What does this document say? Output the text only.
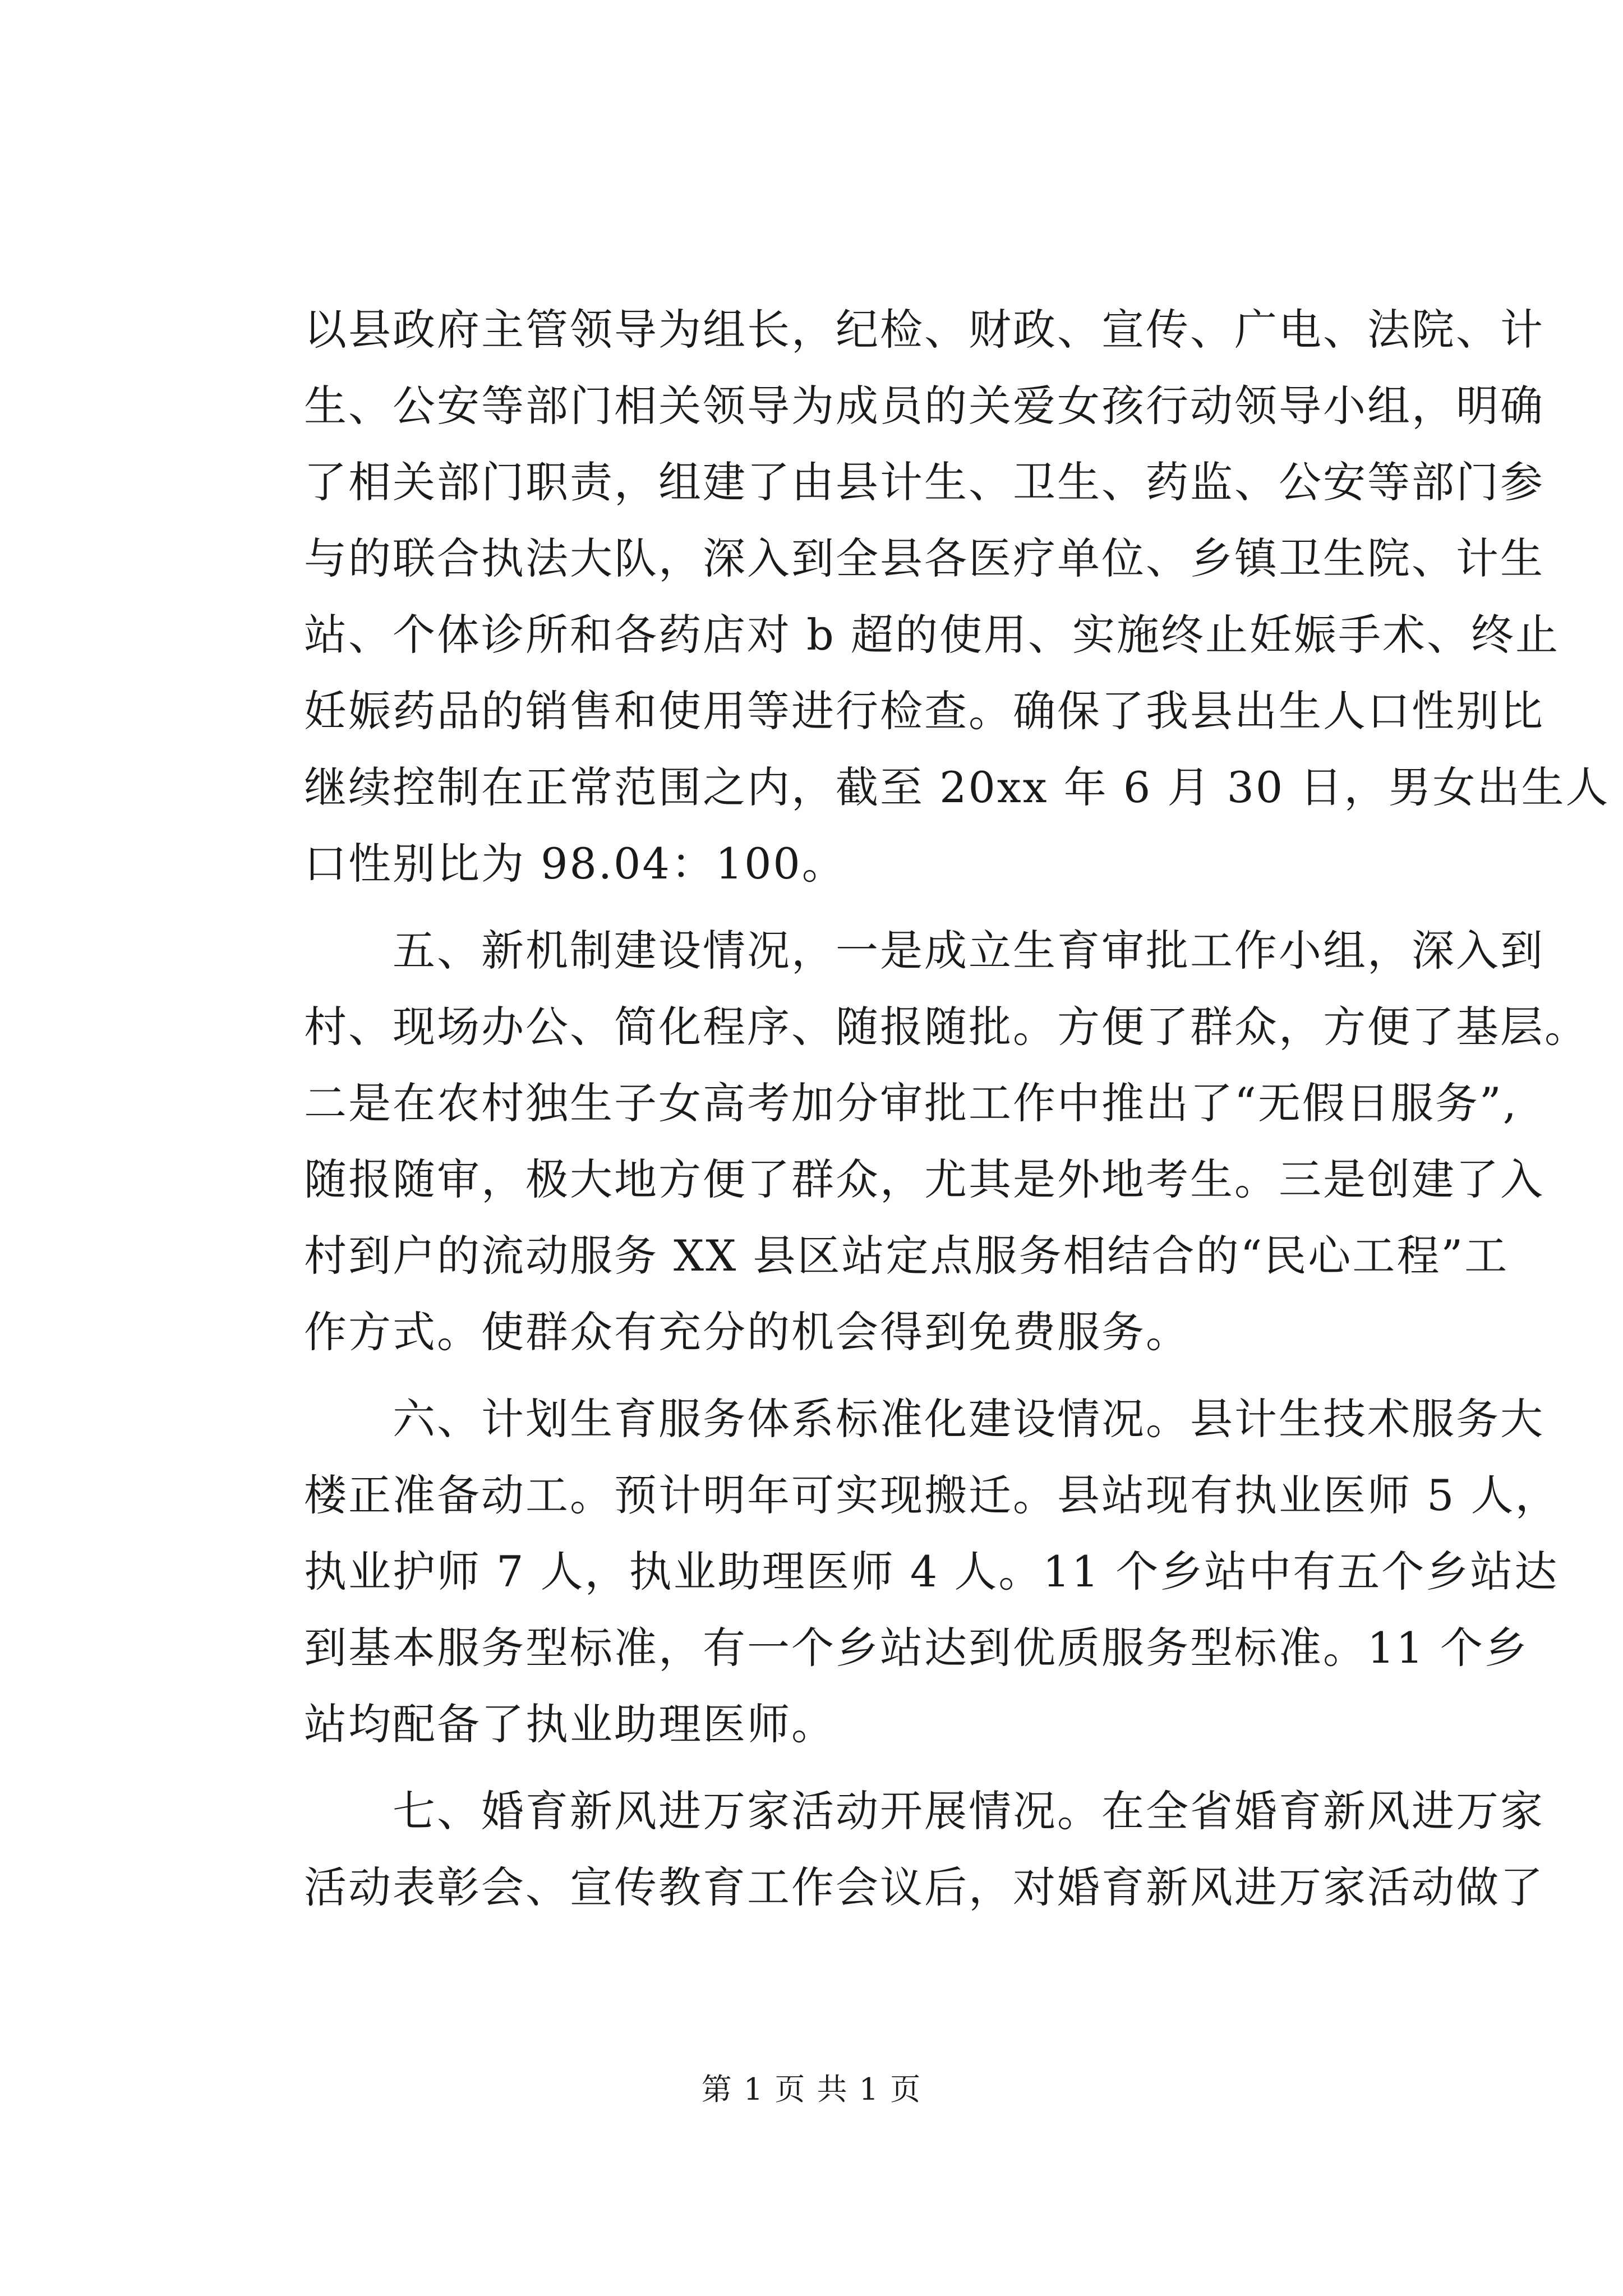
以县政府主管领导为组长，纪检、财政、宣传、广电、法院、计
生、公安等部门相关领导为成员的关爱女孩行动领导小组，明确
了相关部门职责，组建了由县计生、卫生、药监、公安等部门参
与的联合执法大队，深入到全县各医疗单位、乡镇卫生院、计生
站、个体诊所和各药店对 b 超的使用、实施终止妊娠手术、终止
妊娠药品的销售和使用等进行检查。确保了我县出生人口性别比
继续控制在正常范围之内，截至 20xx 年 6 月 30 日，男女出生人
口性别比为 98.04：100。
　　五、新机制建设情况，一是成立生育审批工作小组，深入到
村、现场办公、简化程序、随报随批。方便了群众，方便了基层。
二是在农村独生子女高考加分审批工作中推出了“无假日服务”,
随报随审，极大地方便了群众，尤其是外地考生。三是创建了入
村到户的流动服务 XX 县区站定点服务相结合的“民心工程”工
作方式。使群众有充分的机会得到免费服务。
　　六、计划生育服务体系标准化建设情况。县计生技术服务大
楼正准备动工。预计明年可实现搬迁。县站现有执业医师 5 人，
执业护师 7 人，执业助理医师 4 人。11 个乡站中有五个乡站达
到基本服务型标准，有一个乡站达到优质服务型标准。11 个乡
站均配备了执业助理医师。
　　七、婚育新风进万家活动开展情况。在全省婚育新风进万家
活动表彰会、宣传教育工作会议后，对婚育新风进万家活动做了
第 1 页 共 1 页
